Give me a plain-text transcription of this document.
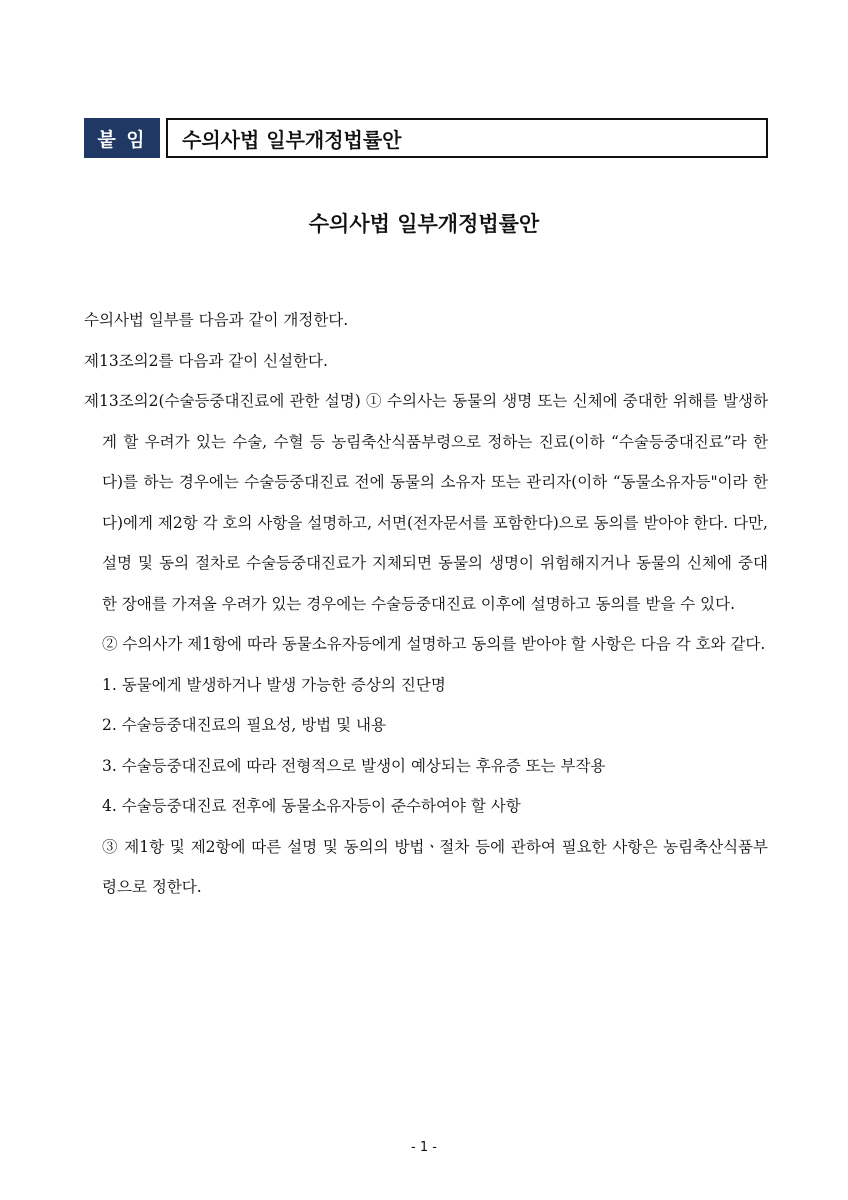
붙 임	수의사법 일부개정법률안
수의사법 일부개정법률안

수의사법 일부를 다음과 같이 개정한다.

제13조의2를 다음과 같이 신설한다.

제13조의2(수술등중대진료에 관한 설명) ① 수의사는 동물의 생명 또는 신체에 중대한 위해를 발생하게 할 우려가 있는 수술, 수혈 등 농림축산식품부령으로 정하는 진료(이하 “수술등중대진료”라 한다)를 하는 경우에는 수술등중대진료 전에 동물의 소유자 또는 관리자(이하 “동물소유자등"이라 한다)에게 제2항 각 호의 사항을 설명하고, 서면(전자문서를 포함한다)으로 동의를 받아야 한다. 다만, 설명 및 동의 절차로 수술등중대진료가 지체되면 동물의 생명이 위험해지거나 동물의 신체에 중대한 장애를 가져올 우려가 있는 경우에는 수술등중대진료 이후에 설명하고 동의를 받을 수 있다.

② 수의사가 제1항에 따라 동물소유자등에게 설명하고 동의를 받아야 할 사항은 다음 각 호와 같다.

1. 동물에게 발생하거나 발생 가능한 증상의 진단명

2. 수술등중대진료의 필요성, 방법 및 내용

3. 수술등중대진료에 따라 전형적으로 발생이 예상되는 후유증 또는 부작용

4. 수술등중대진료 전후에 동물소유자등이 준수하여야 할 사항

③ 제1항 및 제2항에 따른 설명 및 동의의 방법ㆍ절차 등에 관하여 필요한 사항은 농림축산식품부령으로 정한다.

- 1 -
